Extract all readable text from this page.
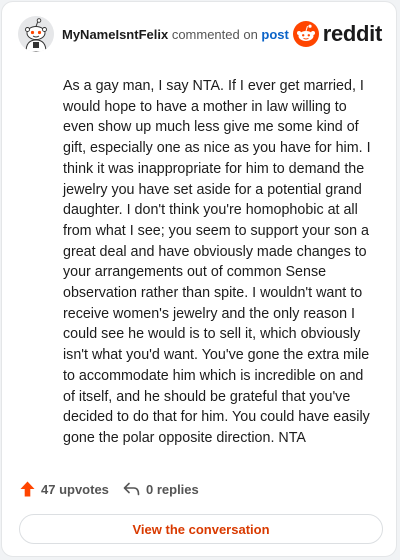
MyNameIsntFelix commented on post reddit
As a gay man, I say NTA. If I ever get married, I would hope to have a mother in law willing to even show up much less give me some kind of gift, especially one as nice as you have for him. I think it was inappropriate for him to demand the jewelry you have set aside for a potential grand daughter. I don't think you're homophobic at all from what I see; you seem to support your son a great deal and have obviously made changes to your arrangements out of common Sense observation rather than spite. I wouldn't want to receive women's jewelry and the only reason I could see he would is to sell it, which obviously isn't what you'd want. You've gone the extra mile to accommodate him which is incredible on and of itself, and he should be grateful that you've decided to do that for him. You could have easily gone the polar opposite direction. NTA
47 upvotes	0 replies
View the conversation
